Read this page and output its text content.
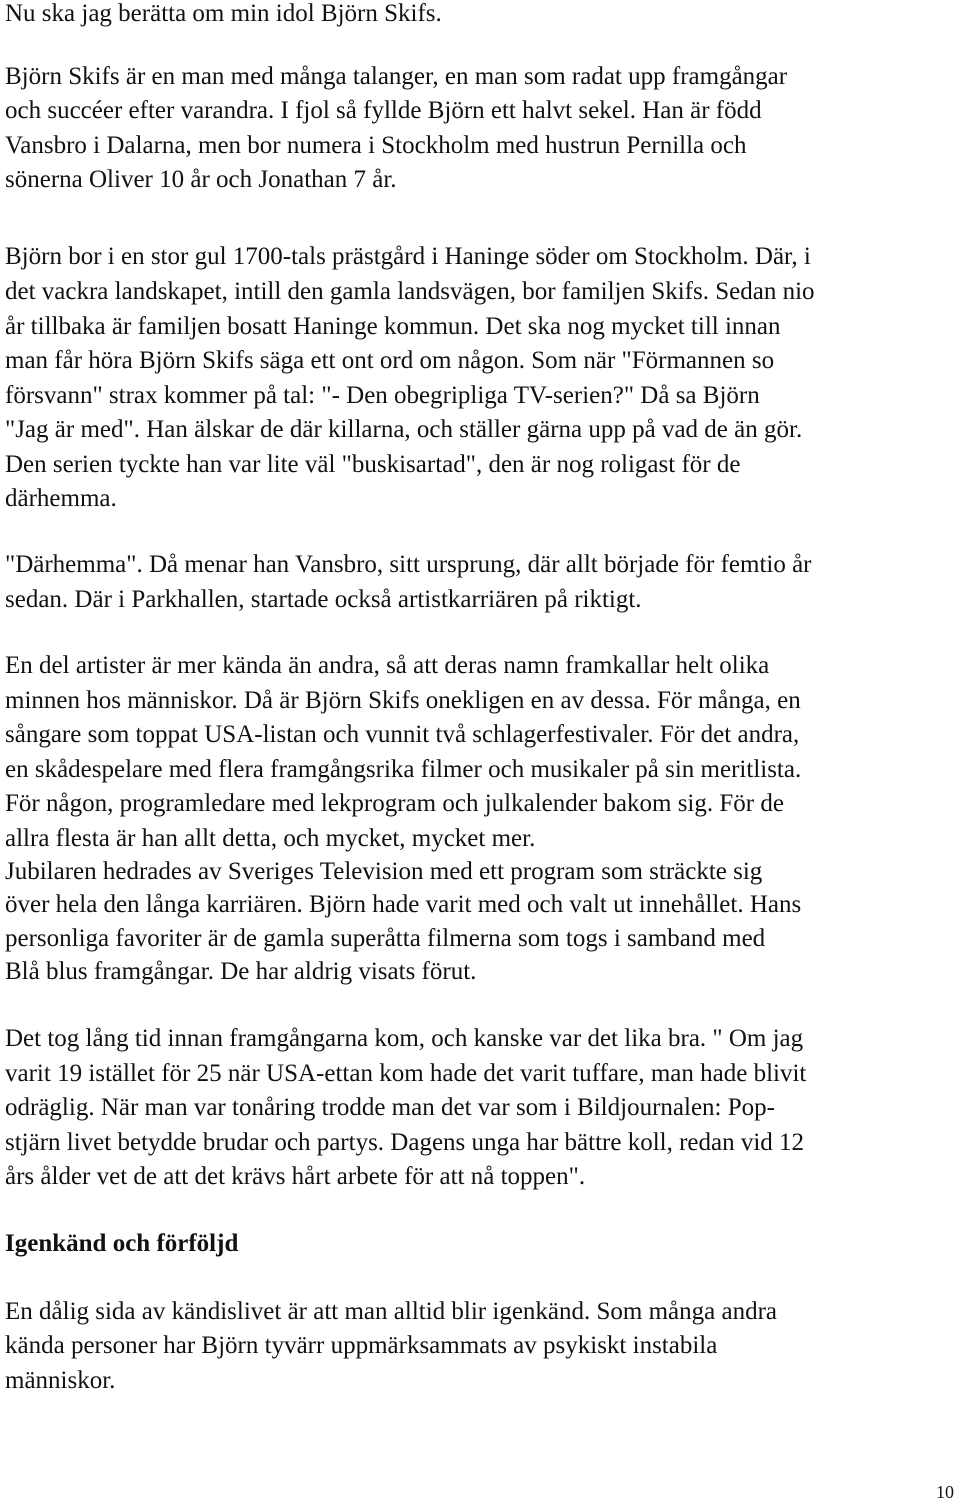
Nu ska jag berätta om min idol Björn Skifs.
Björn Skifs är en man med många talanger, en man som radat upp framgångar
och succéer efter varandra. I fjol så fyllde Björn ett halvt sekel. Han är född
Vansbro i Dalarna, men bor numera i Stockholm med hustrun Pernilla och
sönerna Oliver 10 år och Jonathan 7 år.
Björn bor i en stor gul 1700-tals prästgård i Haninge söder om Stockholm. Där, i
det vackra landskapet, intill den gamla landsvägen, bor familjen Skifs. Sedan nio
år tillbaka är familjen bosatt Haninge kommun. Det ska nog mycket till innan
man får höra Björn Skifs säga ett ont ord om någon. Som när "Förmannen so
försvann" strax kommer på tal: "- Den obegripliga TV-serien?" Då sa Björn
"Jag är med". Han älskar de där killarna, och ställer gärna upp på vad de än gör.
Den serien tyckte han var lite väl "buskisartad", den är nog roligast för de
därhemma.
"Därhemma". Då menar han Vansbro, sitt ursprung, där allt började för femtio år
sedan. Där i Parkhallen, startade också artistkarriären på riktigt.
En del artister är mer kända än andra, så att deras namn framkallar helt olika
minnen hos människor. Då är Björn Skifs onekligen en av dessa. För många, en
sångare som toppat USA-listan och vunnit två schlagerfestivaler. För det andra,
en skådespelare med flera framgångsrika filmer och musikaler på sin meritlista.
För någon, programledare med lekprogram och julkalender bakom sig. För de
allra flesta är han allt detta, och mycket, mycket mer.
Jubilaren hedrades av Sveriges Television med ett program som sträckte sig
över hela den långa karriären. Björn hade varit med och valt ut innehållet. Hans
personliga favoriter är de gamla superåtta filmerna som togs i samband med
Blå blus framgångar. De har aldrig visats förut.
Det tog lång tid innan framgångarna kom, och kanske var det lika bra. " Om jag
varit 19 istället för 25 när USA-ettan kom hade det varit tuffare, man hade blivit
odräglig. När man var tonåring trodde man det var som i Bildjournalen: Pop-
stjärn livet betydde brudar och partys. Dagens unga har bättre koll, redan vid 12
års ålder vet de att det krävs hårt arbete för att nå toppen".
Igenkänd och förföljd
En dålig sida av kändislivet är att man alltid blir igenkänd. Som många andra
kända personer har Björn tyvärr uppmärksammats av psykiskt instabila
människor.
10
